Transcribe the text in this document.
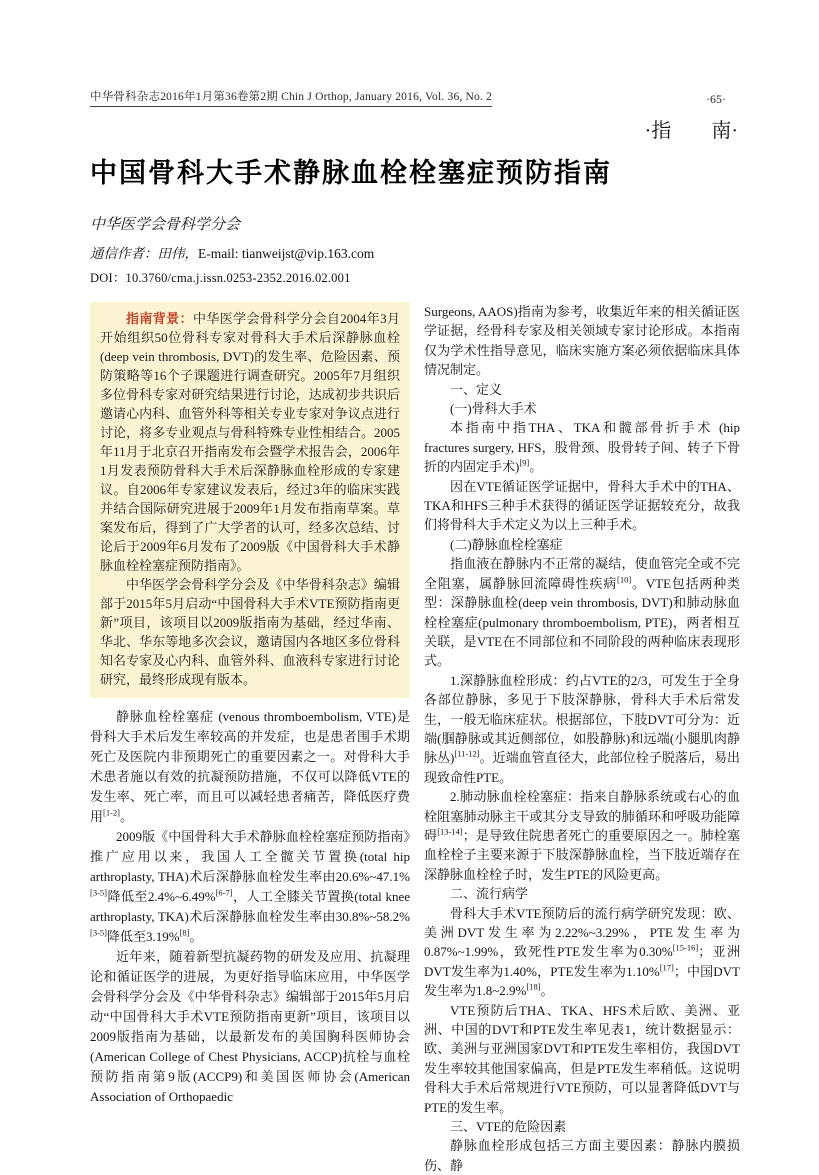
中华骨科杂志2016年1月第36卷第2期 Chin J Orthop, January 2016, Vol. 36, No. 2	·65·
·指　　南·
中国骨科大手术静脉血栓栓塞症预防指南
中华医学会骨科学分会
通信作者：田伟，E-mail: tianweijst@vip.163.com
DOI：10.3760/cma.j.issn.0253-2352.2016.02.001

指南背景：中华医学会骨科学分会自2004年3月开始组织50位骨科专家对骨科大手术后深静脉血栓(deep vein thrombosis, DVT)的发生率、危险因素、预防策略等16个子课题进行调查研究。2005年7月组织多位骨科专家对研究结果进行讨论，达成初步共识后邀请心内科、血管外科等相关专业专家对争议点进行讨论，将多专业观点与骨科特殊专业性相结合。2005年11月于北京召开指南发布会暨学术报告会，2006年1月发表预防骨科大手术后深静脉血栓形成的专家建议。自2006年专家建议发表后，经过3年的临床实践并结合国际研究进展于2009年1月发布指南草案。草案发布后，得到了广大学者的认可，经多次总结、讨论后于2009年6月发布了2009版《中国骨科大手术静脉血栓栓塞症预防指南》。

中华医学会骨科学分会及《中华骨科杂志》编辑部于2015年5月启动“中国骨科大手术VTE预防指南更新”项目，该项目以2009版指南为基础，经过华南、华北、华东等地多次会议，邀请国内各地区多位骨科知名专家及心内科、血管外科、血液科专家进行讨论研究，最终形成现有版本。

静脉血栓栓塞症 (venous thromboembolism, VTE)是骨科大手术后发生率较高的并发症，也是患者围手术期死亡及医院内非预期死亡的重要因素之一。对骨科大手术患者施以有效的抗凝预防措施，不仅可以降低VTE的发生率、死亡率，而且可以减轻患者痛苦，降低医疗费用[1-2]。

2009版《中国骨科大手术静脉血栓栓塞症预防指南》推广应用以来，我国人工全髋关节置换(total hip arthroplasty, THA)术后深静脉血栓发生率由20.6%~47.1%[3-5]降低至2.4%~6.49%[6-7]，人工全膝关节置换(total knee arthroplasty, TKA)术后深静脉血栓发生率由30.8%~58.2%[3-5]降低至3.19%[8]。

近年来，随着新型抗凝药物的研发及应用、抗凝理论和循证医学的进展，为更好指导临床应用，中华医学会骨科学分会及《中华骨科杂志》编辑部于2015年5月启动“中国骨科大手术VTE预防指南更新”项目，该项目以2009版指南为基础，以最新发布的美国胸科医师协会(American College of Chest Physicians, ACCP)抗栓与血栓预防指南第9版(ACCP9)和美国医师协会(American Association of Orthopaedic

Surgeons, AAOS)指南为参考，收集近年来的相关循证医学证据，经骨科专家及相关领域专家讨论形成。本指南仅为学术性指导意见，临床实施方案必须依据临床具体情况制定。

一、定义

(一)骨科大手术

本指南中指THA、TKA和髋部骨折手术 (hip fractures surgery, HFS，股骨颈、股骨转子间、转子下骨折的内固定手术)[9]。

因在VTE循证医学证据中，骨科大手术中的THA、TKA和HFS三种手术获得的循证医学证据较充分，故我们将骨科大手术定义为以上三种手术。

(二)静脉血栓栓塞症

指血液在静脉内不正常的凝结，使血管完全或不完全阻塞，属静脉回流障碍性疾病[10]。VTE包括两种类型：深静脉血栓(deep vein thrombosis, DVT)和肺动脉血栓栓塞症(pulmonary thromboembolism, PTE)，两者相互关联，是VTE在不同部位和不同阶段的两种临床表现形式。

1.深静脉血栓形成：约占VTE的2/3，可发生于全身各部位静脉，多见于下肢深静脉，骨科大手术后常发生，一般无临床症状。根据部位，下肢DVT可分为：近端(腘静脉或其近侧部位，如股静脉)和远端(小腿肌肉静脉丛)[11-12]。近端血管直径大，此部位栓子脱落后，易出现致命性PTE。

2.肺动脉血栓栓塞症：指来自静脉系统或右心的血栓阻塞肺动脉主干或其分支导致的肺循环和呼吸功能障碍[13-14]；是导致住院患者死亡的重要原因之一。肺栓塞血栓栓子主要来源于下肢深静脉血栓，当下肢近端存在深静脉血栓栓子时，发生PTE的风险更高。

二、流行病学

骨科大手术VTE预防后的流行病学研究发现：欧、美洲DVT发生率为2.22%~3.29%，PTE发生率为0.87%~1.99%，致死性PTE发生率为0.30%[15-16]；亚洲DVT发生率为1.40%，PTE发生率为1.10%[17]；中国DVT发生率为1.8~2.9%[18]。

VTE预防后THA、TKA、HFS术后欧、美洲、亚洲、中国的DVT和PTE发生率见表1，统计数据显示：欧、美洲与亚洲国家DVT和PTE发生率相仿，我国DVT发生率较其他国家偏高，但是PTE发生率稍低。这说明骨科大手术后常规进行VTE预防，可以显著降低DVT与PTE的发生率。

三、VTE的危险因素

静脉血栓形成包括三方面主要因素：静脉内膜损伤、静
